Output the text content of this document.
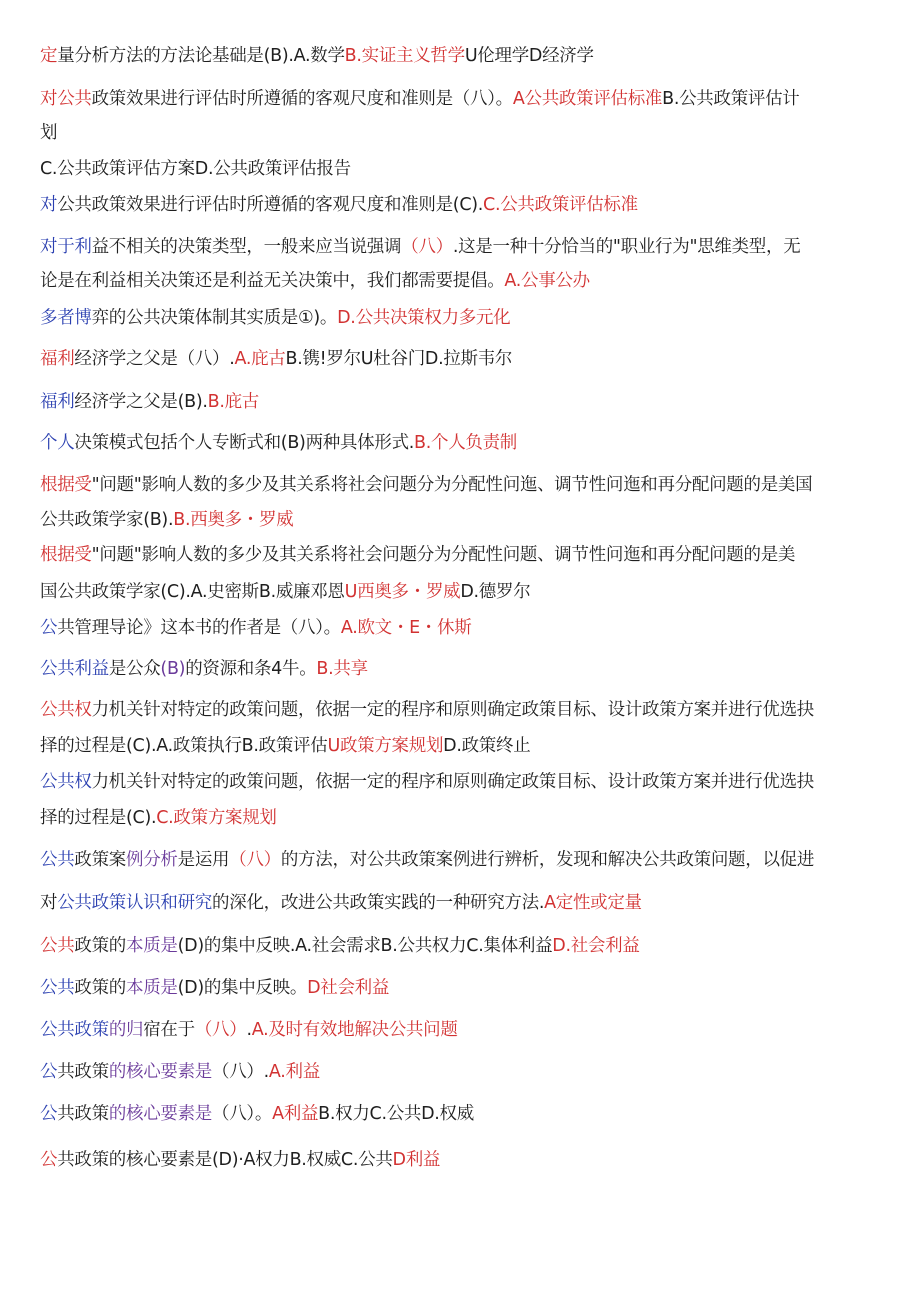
定量分析方法的方法论基础是(B).A.数学B.实证主义哲学U伦理学D经济学
对公共政策效果进行评估时所遵循的客观尺度和准则是（八）。A公共政策评估标准B.公共政策评估计
划
C.公共政策评估方案D.公共政策评估报告
对公共政策效果进行评估时所遵循的客观尺度和准则是(C).C.公共政策评估标准
对于利益不相关的决策类型，一般来应当说强调（八）.这是一种十分恰当的"职业行为"思维类型，无
论是在利益相关决策还是利益无关决策中，我们都需要提倡。A.公事公办
多者博弈的公共决策体制其实质是①)。D.公共决策权力多元化
福利经济学之父是（八）.A.庇古B.镌!罗尔U杜谷门D.拉斯韦尔
福利经济学之父是(B).B.庇古
个人决策模式包括个人专断式和(B)两种具体形式.B.个人负责制
根据受"问题"影响人数的多少及其关系将社会问题分为分配性问迤、调节性问迤和再分配问题的是美国
公共政策学家(B).B.西奥多・罗威
根据受"问题"影响人数的多少及其关系将社会问题分为分配性问题、调节性问迤和再分配问题的是美
国公共政策学家(C).A.史密斯B.威廉邓恩U西奥多・罗威D.德罗尔
公共管理导论》这本书的作者是（八）。A.欧文・E・休斯
公共利益是公众(B)的资源和条4牛。B.共享
公共权力机关针对特定的政策问题，依据一定的程序和原则确定政策目标、设计政策方案并进行优选抉
择的过程是(C).A.政策执行B.政策评估U政策方案规划D.政策终止
公共权力机关针对特定的政策问题，依据一定的程序和原则确定政策目标、设计政策方案并进行优选抉
择的过程是(C).C.政策方案规划
公共政策案例分析是运用（八）的方法，对公共政策案例进行辨析，发现和解决公共政策问题，以促进
对公共政策认识和研究的深化，改进公共政策实践的一种研究方法.A定性或定量
公共政策的本质是(D)的集中反映.A.社会需求B.公共权力C.集体利益D.社会利益
公共政策的本质是(D)的集中反映。D社会利益
公共政策的归宿在于（八）.A.及时有效地解决公共问题
公共政策的核心要素是（八）.A.利益
公共政策的核心要素是（八）。A利益B.权力C.公共D.权威
公共政策的核心要素是(D)·A权力B.权威C.公共D利益
